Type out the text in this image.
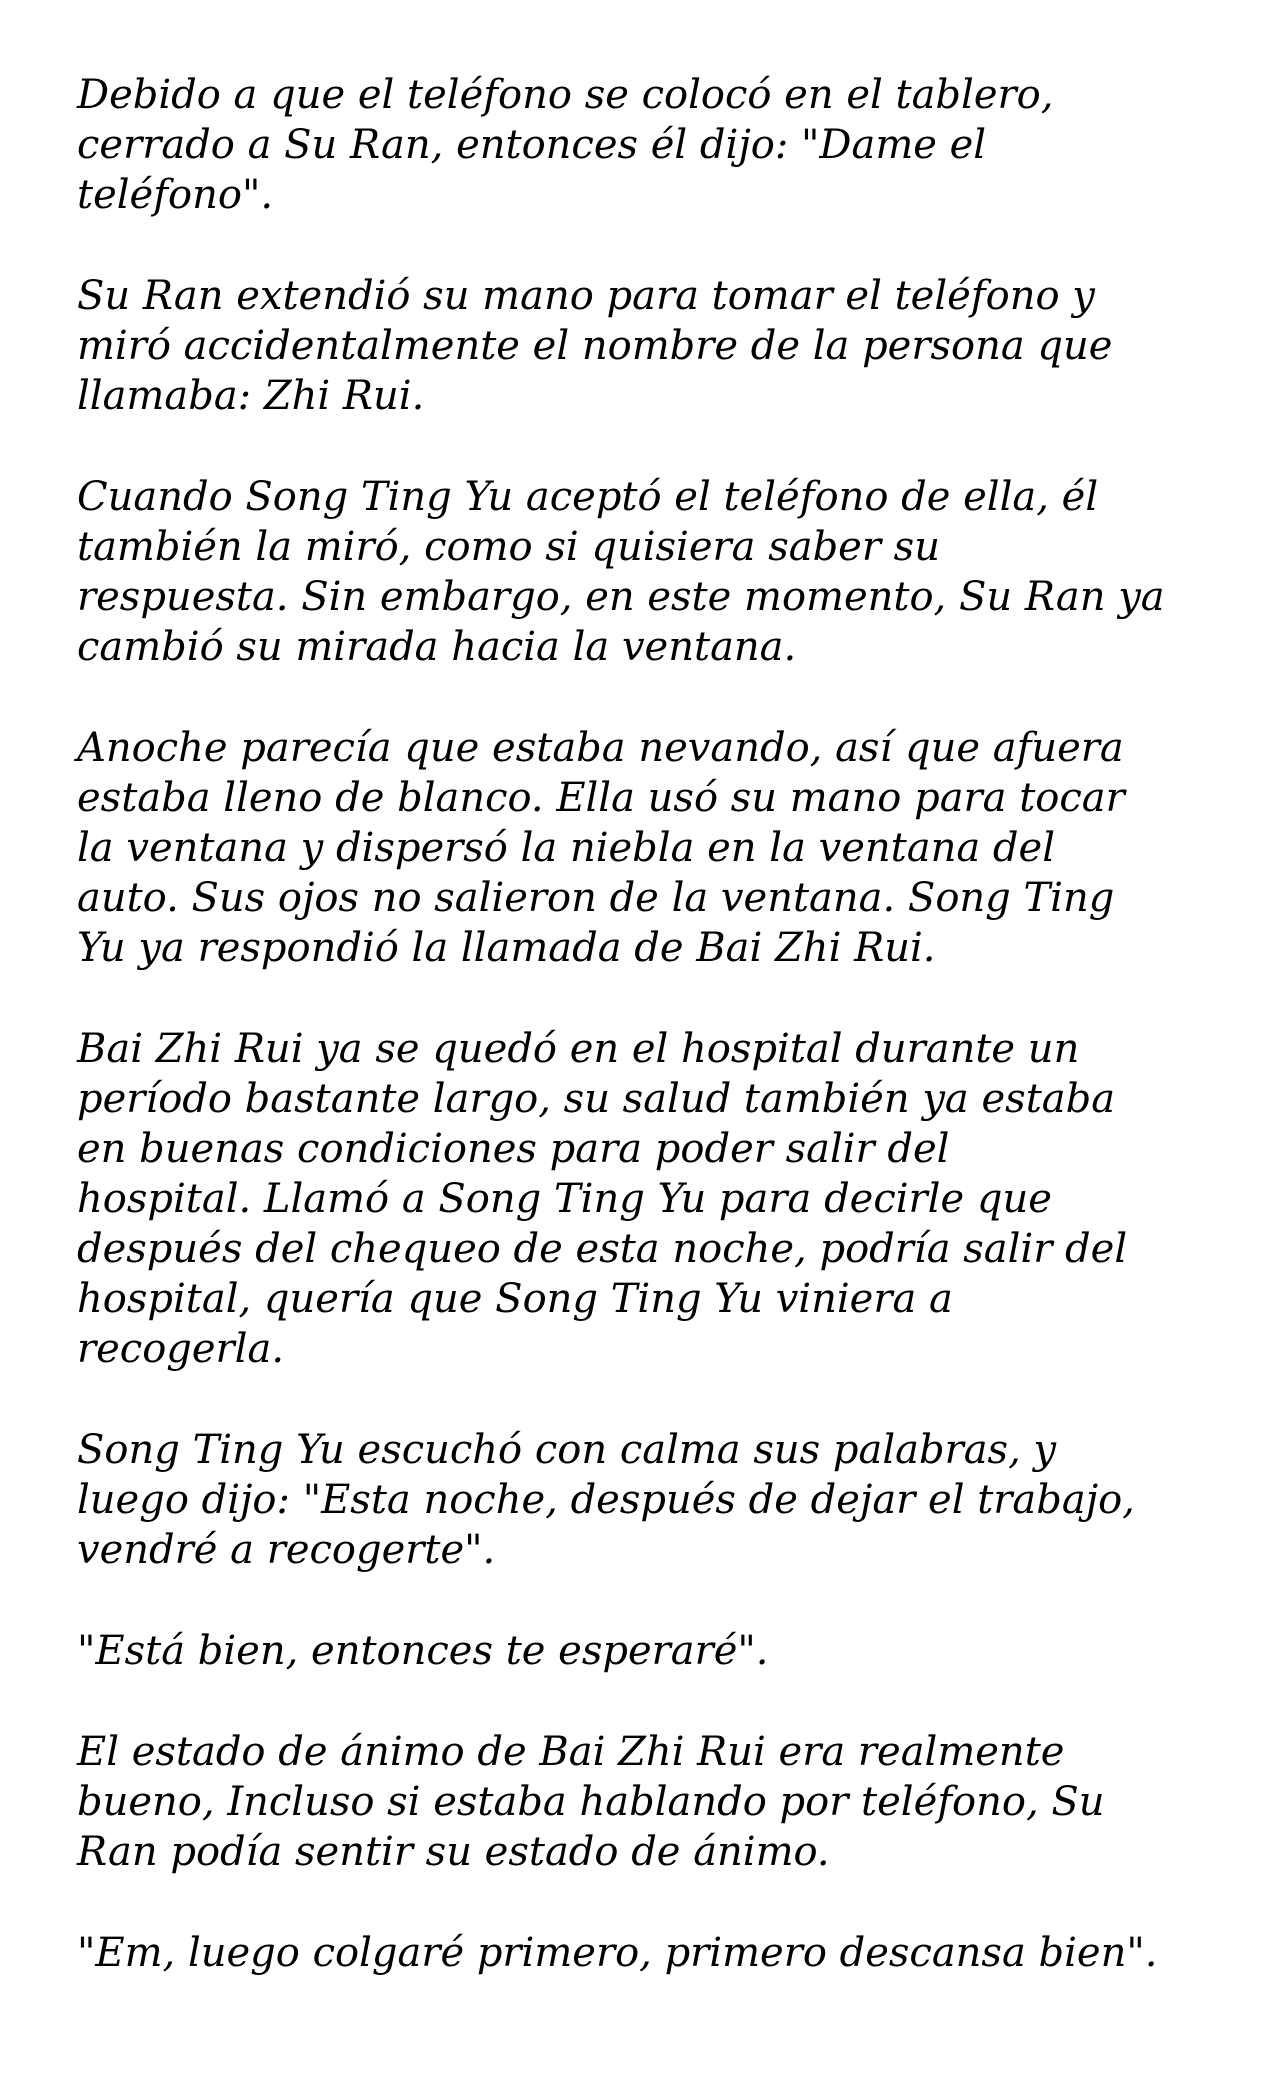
Debido a que el teléfono se colocó en el tablero,
cerrado a Su Ran, entonces él dijo: "Dame el
teléfono".

Su Ran extendió su mano para tomar el teléfono y
miró accidentalmente el nombre de la persona que
llamaba: Zhi Rui.

Cuando Song Ting Yu aceptó el teléfono de ella, él
también la miró, como si quisiera saber su
respuesta. Sin embargo, en este momento, Su Ran ya
cambió su mirada hacia la ventana.

Anoche parecía que estaba nevando, así que afuera
estaba lleno de blanco. Ella usó su mano para tocar
la ventana y dispersó la niebla en la ventana del
auto. Sus ojos no salieron de la ventana. Song Ting
Yu ya respondió la llamada de Bai Zhi Rui.

Bai Zhi Rui ya se quedó en el hospital durante un
período bastante largo, su salud también ya estaba
en buenas condiciones para poder salir del
hospital. Llamó a Song Ting Yu para decirle que
después del chequeo de esta noche, podría salir del
hospital, quería que Song Ting Yu viniera a
recogerla.

Song Ting Yu escuchó con calma sus palabras, y
luego dijo: "Esta noche, después de dejar el trabajo,
vendré a recogerte".

"Está bien, entonces te esperaré".

El estado de ánimo de Bai Zhi Rui era realmente
bueno, Incluso si estaba hablando por teléfono, Su
Ran podía sentir su estado de ánimo.

"Em, luego colgaré primero, primero descansa bien".
